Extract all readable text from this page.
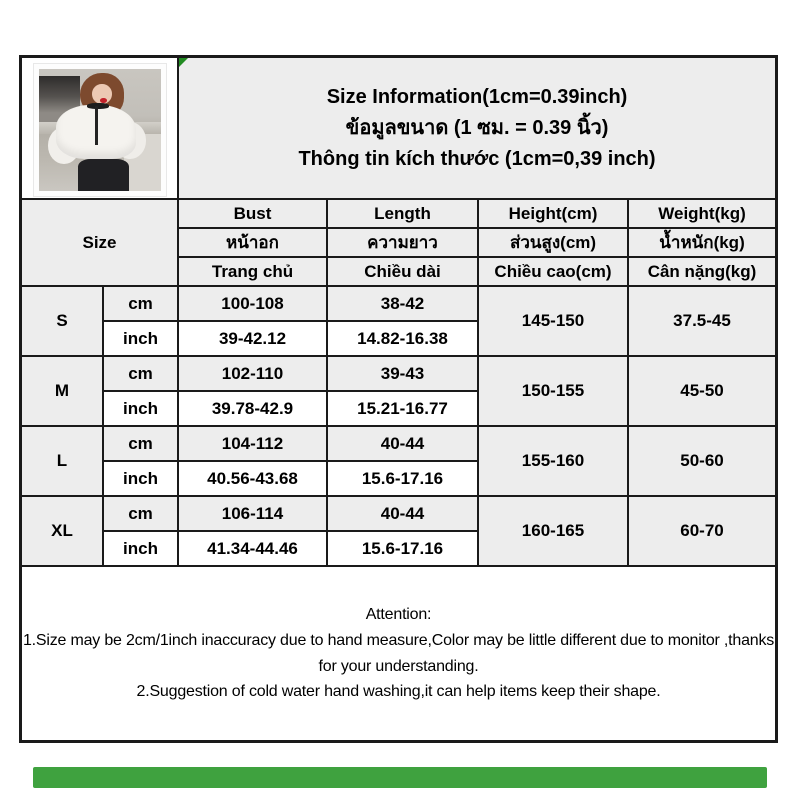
		Size Information(1cm=0.39inch)
ข้อมูลขนาด (1 ซม. = 0.39 นิ้ว)
Thông tin kích thước (1cm=0,39 inch)			

Size		Bust	Length	Height(cm)	Weight(kg)
		หน้าอก	ความยาว	ส่วนสูง(cm)	น้ำหนัก(kg)
		Trang chủ	Chiều dài	Chiều cao(cm)	Cân nặng(kg)
S	cm	100-108	38-42	145-150	37.5-45
	inch	39-42.12	14.82-16.38		
M	cm	102-110	39-43	150-155	45-50
	inch	39.78-42.9	15.21-16.77		
L	cm	104-112	40-44	155-160	50-60
	inch	40.56-43.68	15.6-17.16		
XL	cm	106-114	40-44	160-165	60-70
	inch	41.34-44.46	15.6-17.16		

Attention:
1.Size may be 2cm/1inch inaccuracy due to hand measure,Color may be little different due to monitor ,thanks for your understanding.
2.Suggestion of cold water hand washing,it can help items keep their shape.					
